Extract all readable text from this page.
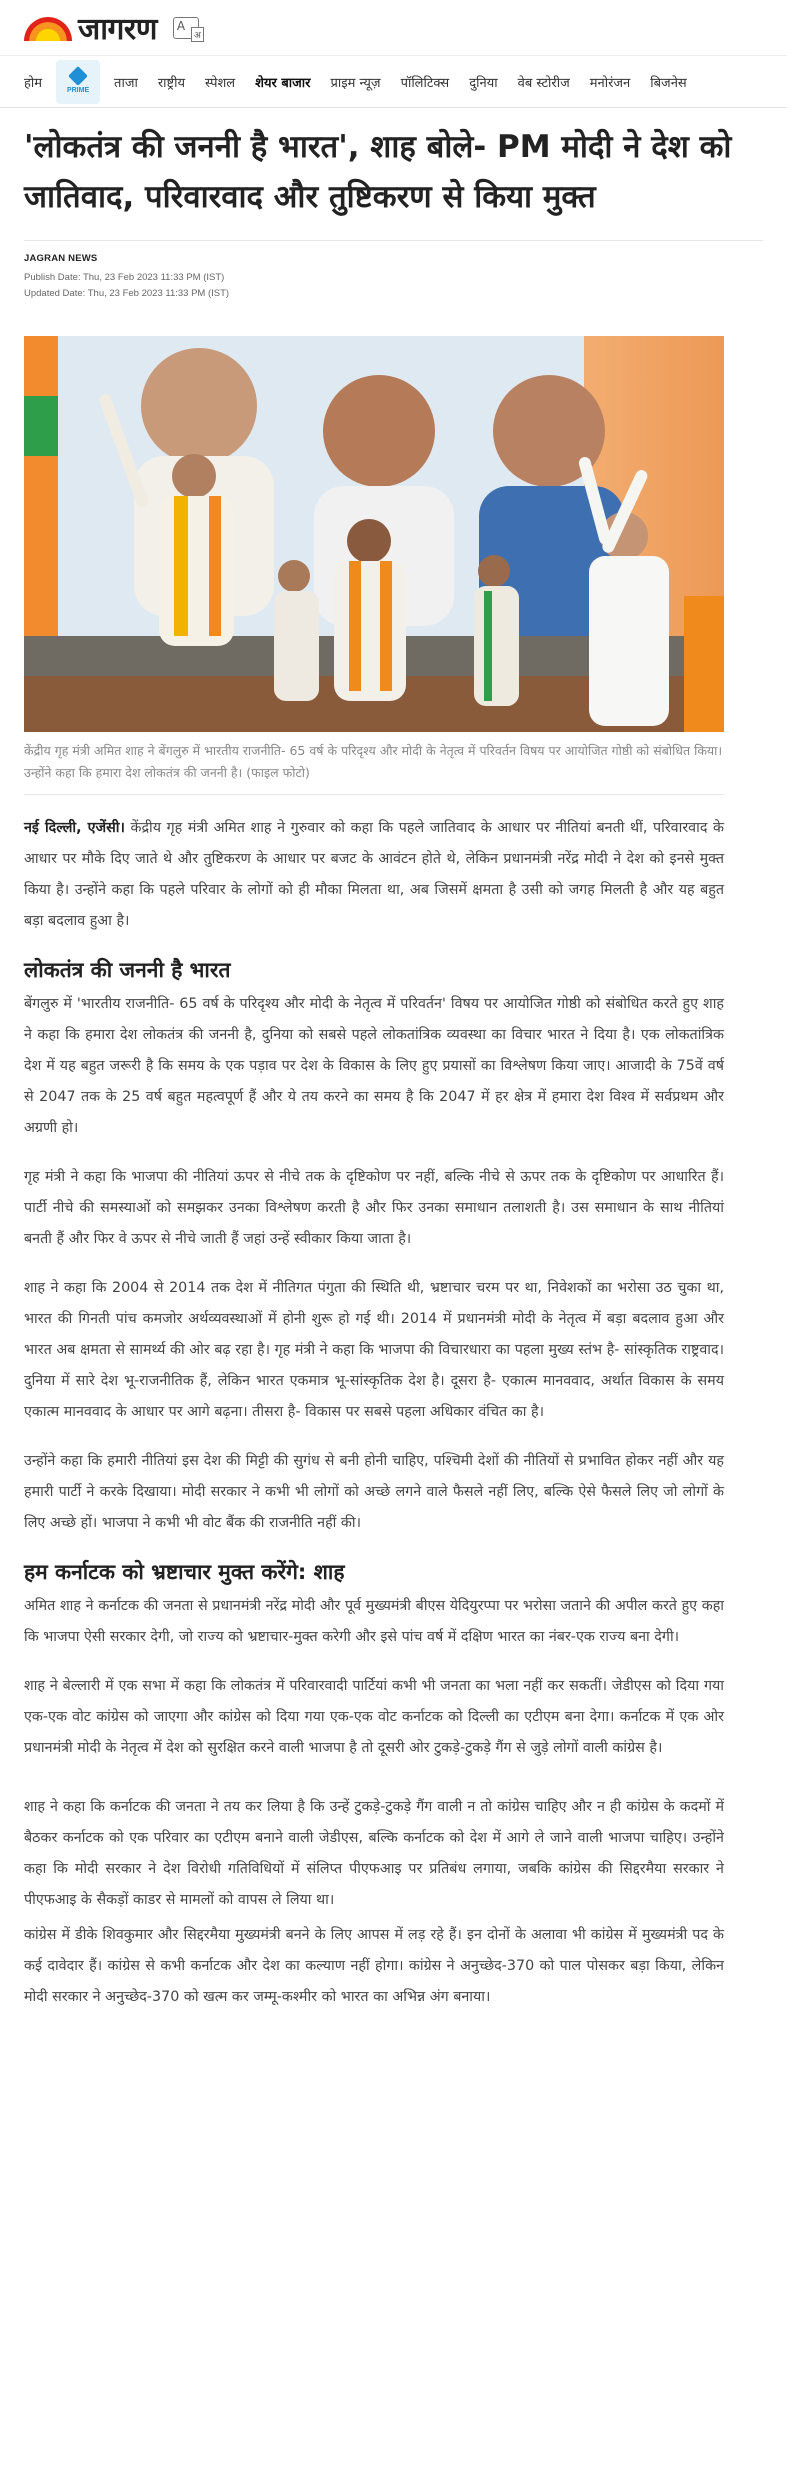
जागरण A
अ
होम	PRIME	ताजा	राष्ट्रीय	स्पेशल	शेयर बाजार	प्राइम न्यूज़	पॉलिटिक्स	दुनिया	वेब स्टोरीज	मनोरंजन	बिजनेस
'लोकतंत्र की जननी है भारत', शाह बोले- PM मोदी ने देश को जातिवाद, परिवारवाद और तुष्टिकरण से किया मुक्त
JAGRAN NEWS
Publish Date: Thu, 23 Feb 2023 11:33 PM (IST)
Updated Date: Thu, 23 Feb 2023 11:33 PM (IST)
केंद्रीय गृह मंत्री अमित शाह ने बेंगलुरु में भारतीय राजनीति- 65 वर्ष के परिदृश्य और मोदी के नेतृत्व में परिवर्तन विषय पर आयोजित गोष्ठी को संबोधित किया। उन्होंने कहा कि हमारा देश लोकतंत्र की जननी है। (फाइल फोटो)

नई दिल्ली, एजेंसी। केंद्रीय गृह मंत्री अमित शाह ने गुरुवार को कहा कि पहले जातिवाद के आधार पर नीतियां बनती थीं, परिवारवाद के आधार पर मौके दिए जाते थे और तुष्टिकरण के आधार पर बजट के आवंटन होते थे, लेकिन प्रधानमंत्री नरेंद्र मोदी ने देश को इनसे मुक्त किया है। उन्होंने कहा कि पहले परिवार के लोगों को ही मौका मिलता था, अब जिसमें क्षमता है उसी को जगह मिलती है और यह बहुत बड़ा बदलाव हुआ है।

लोकतंत्र की जननी है भारत

बेंगलुरु में 'भारतीय राजनीति- 65 वर्ष के परिदृश्य और मोदी के नेतृत्व में परिवर्तन' विषय पर आयोजित गोष्ठी को संबोधित करते हुए शाह ने कहा कि हमारा देश लोकतंत्र की जननी है, दुनिया को सबसे पहले लोकतांत्रिक व्यवस्था का विचार भारत ने दिया है। एक लोकतांत्रिक देश में यह बहुत जरूरी है कि समय के एक पड़ाव पर देश के विकास के लिए हुए प्रयासों का विश्लेषण किया जाए। आजादी के 75वें वर्ष से 2047 तक के 25 वर्ष बहुत महत्वपूर्ण हैं और ये तय करने का समय है कि 2047 में हर क्षेत्र में हमारा देश विश्व में सर्वप्रथम और अग्रणी हो।

गृह मंत्री ने कहा कि भाजपा की नीतियां ऊपर से नीचे तक के दृष्टिकोण पर नहीं, बल्कि नीचे से ऊपर तक के दृष्टिकोण पर आधारित हैं। पार्टी नीचे की समस्याओं को समझकर उनका विश्लेषण करती है और फिर उनका समाधान तलाशती है। उस समाधान के साथ नीतियां बनती हैं और फिर वे ऊपर से नीचे जाती हैं जहां उन्हें स्वीकार किया जाता है।

शाह ने कहा कि 2004 से 2014 तक देश में नीतिगत पंगुता की स्थिति थी, भ्रष्टाचार चरम पर था, निवेशकों का भरोसा उठ चुका था, भारत की गिनती पांच कमजोर अर्थव्यवस्थाओं में होनी शुरू हो गई थी। 2014 में प्रधानमंत्री मोदी के नेतृत्व में बड़ा बदलाव हुआ और भारत अब क्षमता से सामर्थ्य की ओर बढ़ रहा है। गृह मंत्री ने कहा कि भाजपा की विचारधारा का पहला मुख्य स्तंभ है- सांस्कृतिक राष्ट्रवाद। दुनिया में सारे देश भू-राजनीतिक हैं, लेकिन भारत एकमात्र भू-सांस्कृतिक देश है। दूसरा है- एकात्म मानववाद, अर्थात विकास के समय एकात्म मानववाद के आधार पर आगे बढ़ना। तीसरा है- विकास पर सबसे पहला अधिकार वंचित का है।

उन्होंने कहा कि हमारी नीतियां इस देश की मिट्टी की सुगंध से बनी होनी चाहिए, पश्चिमी देशों की नीतियों से प्रभावित होकर नहीं और यह हमारी पार्टी ने करके दिखाया। मोदी सरकार ने कभी भी लोगों को अच्छे लगने वाले फैसले नहीं लिए, बल्कि ऐसे फैसले लिए जो लोगों के लिए अच्छे हों। भाजपा ने कभी भी वोट बैंक की राजनीति नहीं की।

हम कर्नाटक को भ्रष्टाचार मुक्त करेंगे: शाह

अमित शाह ने कर्नाटक की जनता से प्रधानमंत्री नरेंद्र मोदी और पूर्व मुख्यमंत्री बीएस येदियुरप्पा पर भरोसा जताने की अपील करते हुए कहा कि भाजपा ऐसी सरकार देगी, जो राज्य को भ्रष्टाचार-मुक्त करेगी और इसे पांच वर्ष में दक्षिण भारत का नंबर-एक राज्य बना देगी।

शाह ने बेल्लारी में एक सभा में कहा कि लोकतंत्र में परिवारवादी पार्टियां कभी भी जनता का भला नहीं कर सकतीं। जेडीएस को दिया गया एक-एक वोट कांग्रेस को जाएगा और कांग्रेस को दिया गया एक-एक वोट कर्नाटक को दिल्ली का एटीएम बना देगा। कर्नाटक में एक ओर प्रधानमंत्री मोदी के नेतृत्व में देश को सुरक्षित करने वाली भाजपा है तो दूसरी ओर टुकड़े-टुकड़े गैंग से जुड़े लोगों वाली कांग्रेस है।

शाह ने कहा कि कर्नाटक की जनता ने तय कर लिया है कि उन्हें टुकड़े-टुकड़े गैंग वाली न तो कांग्रेस चाहिए और न ही कांग्रेस के कदमों में बैठकर कर्नाटक को एक परिवार का एटीएम बनाने वाली जेडीएस, बल्कि कर्नाटक को देश में आगे ले जाने वाली भाजपा चाहिए। उन्होंने कहा कि मोदी सरकार ने देश विरोधी गतिविधियों में संलिप्त पीएफआइ पर प्रतिबंध लगाया, जबकि कांग्रेस की सिद्दरमैया सरकार ने पीएफआइ के सैकड़ों काडर से मामलों को वापस ले लिया था।

कांग्रेस में डीके शिवकुमार और सिद्दरमैया मुख्यमंत्री बनने के लिए आपस में लड़ रहे हैं। इन दोनों के अलावा भी कांग्रेस में मुख्यमंत्री पद के कई दावेदार हैं। कांग्रेस से कभी कर्नाटक और देश का कल्याण नहीं होगा। कांग्रेस ने अनुच्छेद-370 को पाल पोसकर बड़ा किया, लेकिन मोदी सरकार ने अनुच्छेद-370 को खत्म कर जम्मू-कश्मीर को भारत का अभिन्न अंग बनाया।
